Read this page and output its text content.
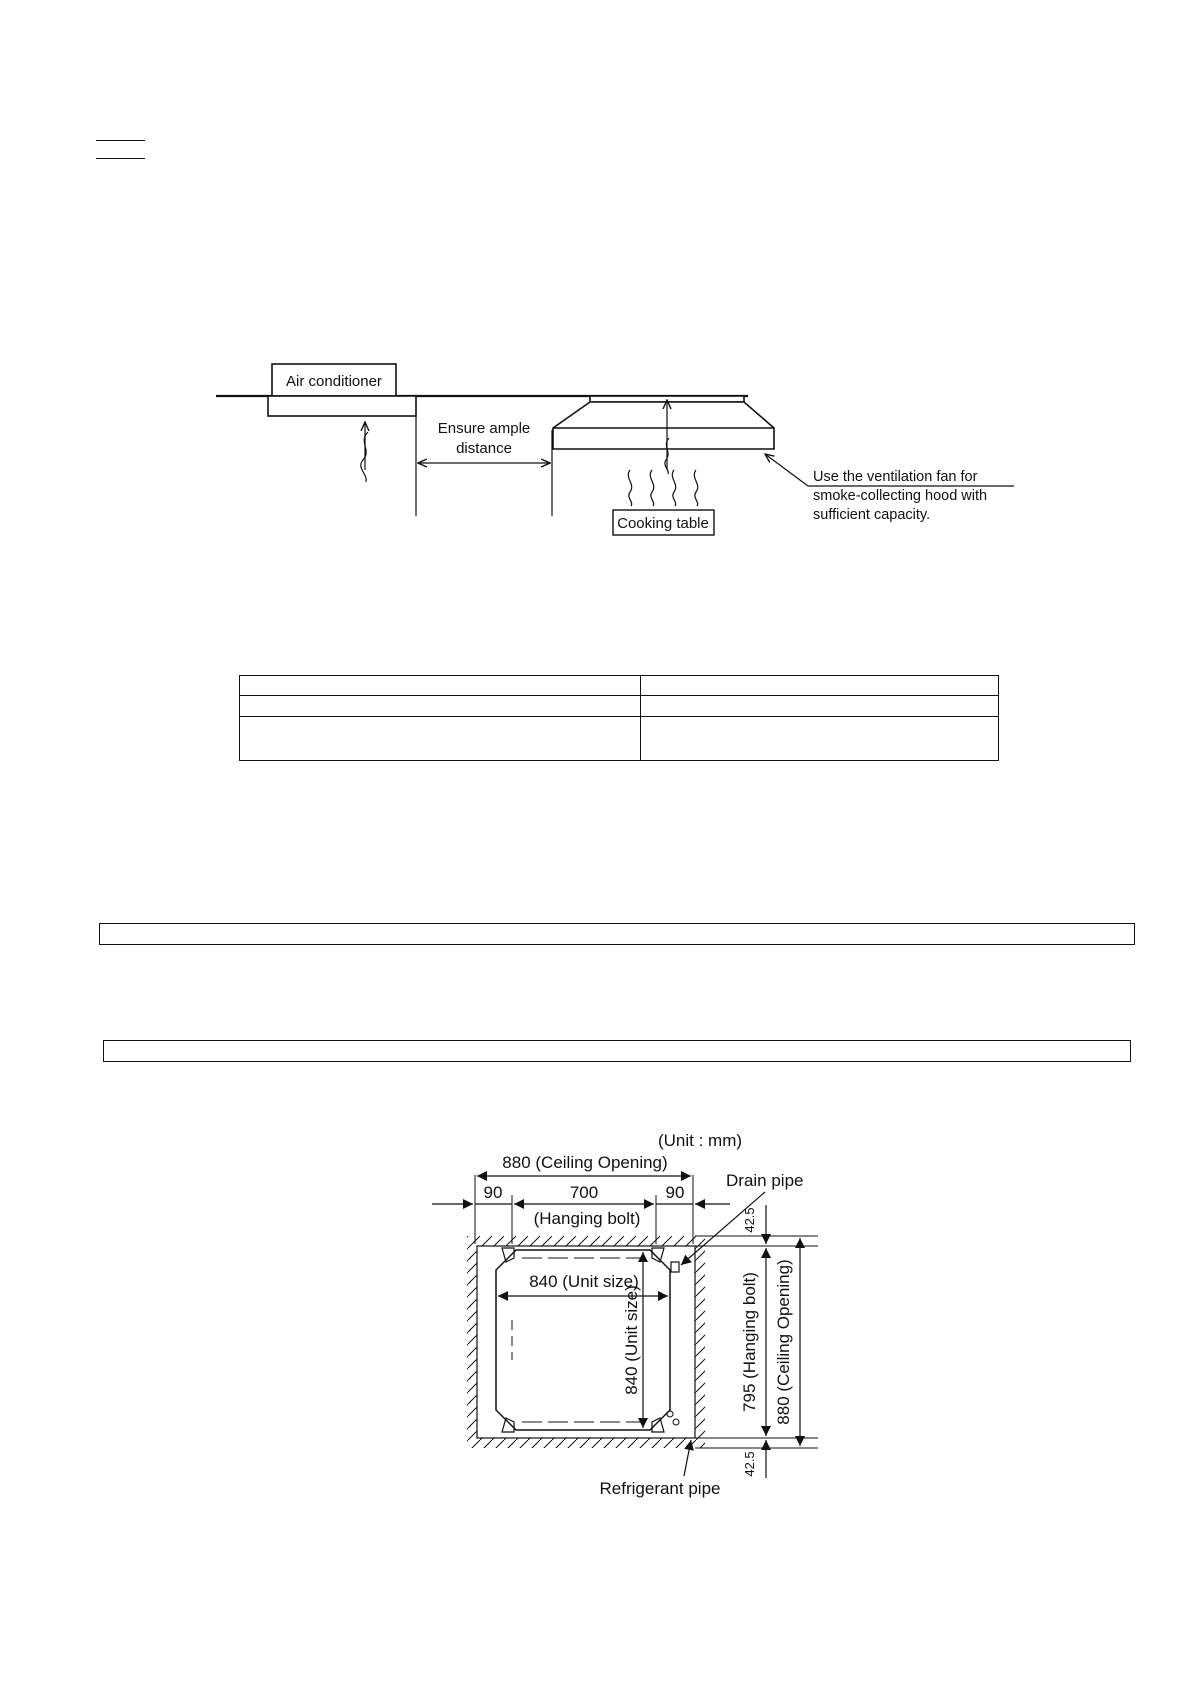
Air conditioner
Ensure ample
distance
Cooking table
Use the ventilation fan for
smoke-collecting hood with
sufficient capacity.

(Unit : mm)
880 (Ceiling Opening)
90	700	90
(Hanging bolt)
840 (Unit size)
840 (Unit size)
Drain pipe
42.5
795 (Hanging bolt) 880 (Ceiling Opening)
42.5
Refrigerant pipe
